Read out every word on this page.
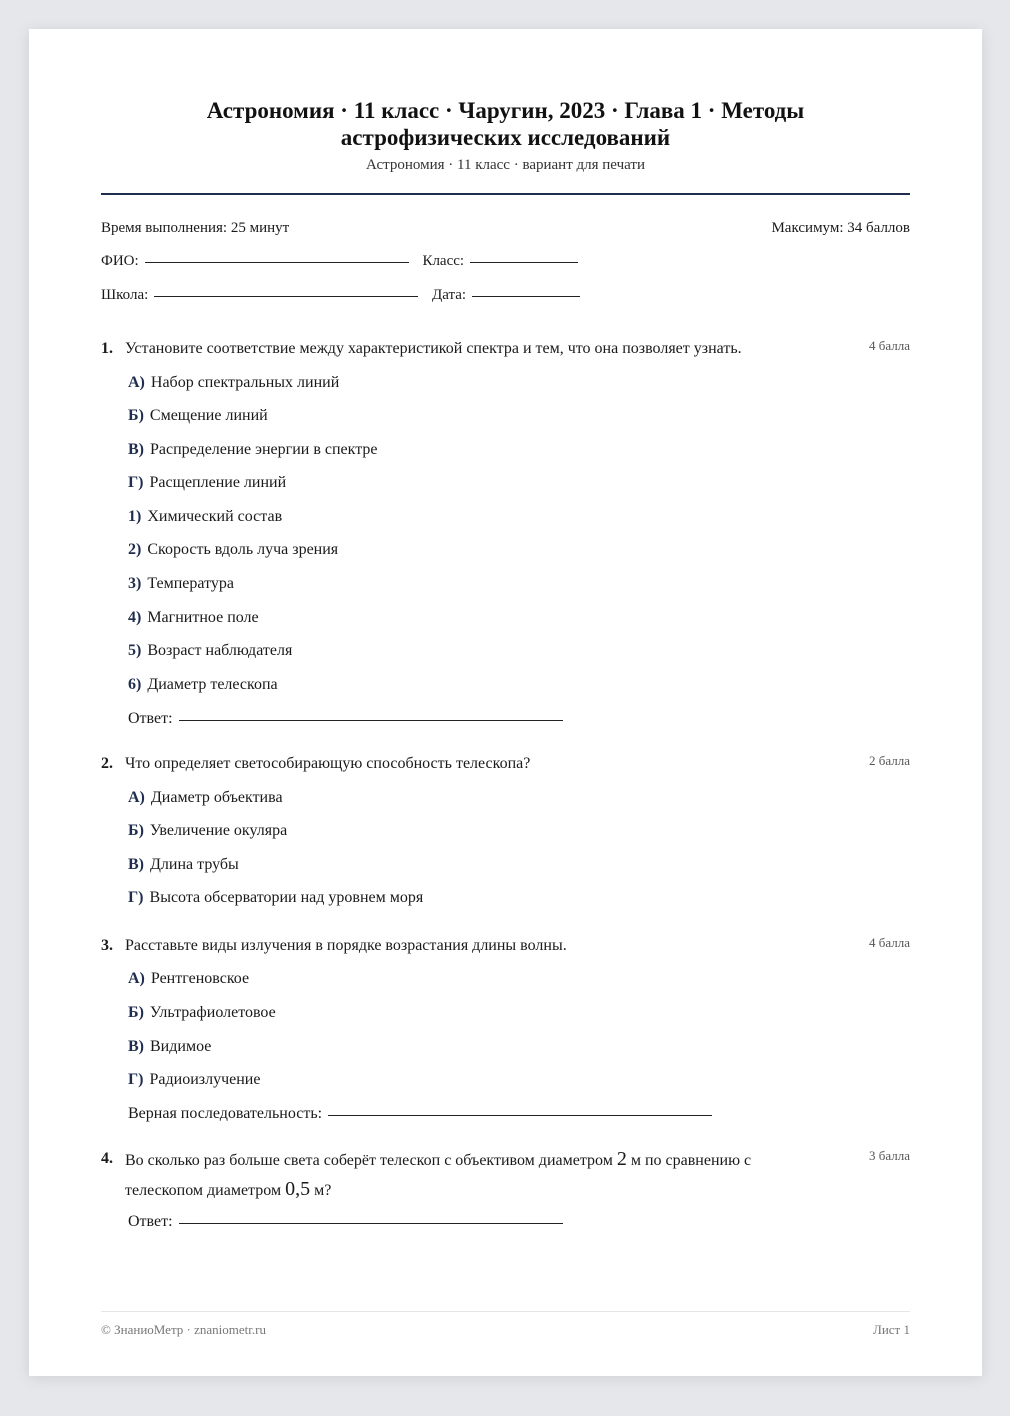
Астрономия · 11 класс · Чаругин, 2023 · Глава 1 · Методы
астрофизических исследований
Астрономия · 11 класс · вариант для печати
Время выполнения: 25 минут	Максимум: 34 баллов
ФИО:	Класс:
Школа:	Дата:
1. Установите соответствие между характеристикой спектра и тем, что она позволяет узнать.	4 балла
А) Набор спектральных линий
Б) Смещение линий
В) Распределение энергии в спектре
Г) Расщепление линий
1) Химический состав
2) Скорость вдоль луча зрения
3) Температура
4) Магнитное поле
5) Возраст наблюдателя
6) Диаметр телескопа
Ответ:
2. Что определяет светособирающую способность телескопа?	2 балла
А) Диаметр объектива
Б) Увеличение окуляра
В) Длина трубы
Г) Высота обсерватории над уровнем моря
3. Расставьте виды излучения в порядке возрастания длины волны.	4 балла
А) Рентгеновское
Б) Ультрафиолетовое
В) Видимое
Г) Радиоизлучение
Верная последовательность:
4. Во сколько раз больше света соберёт телескоп с объективом диаметром 2 м по сравнению с телескопом диаметром 0,5 м?
3 балла
Ответ:
© ЗнаниоМетр · znaniometr.ru	Лист 1
